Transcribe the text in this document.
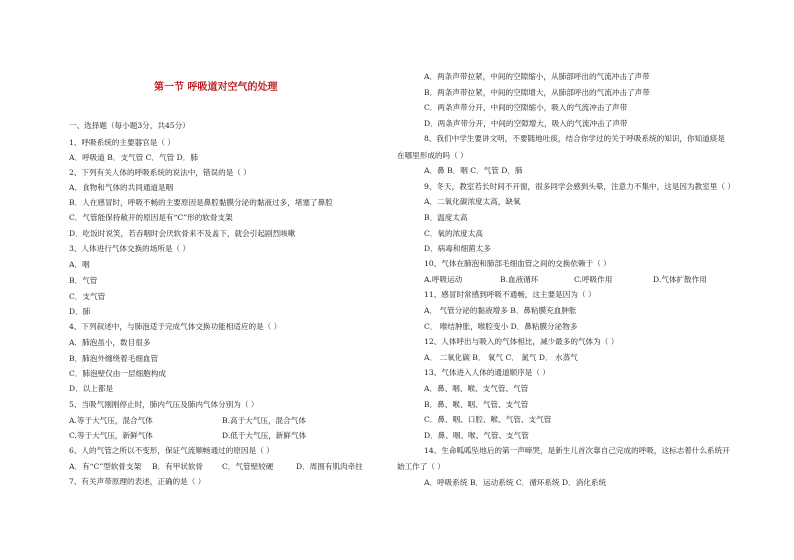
第一节 呼吸道对空气的处理
一、选择题（每小题3分，共45分）
1、呼吸系统的主要器官是（ ）
A．呼吸道 B．支气管 C．气管 D．肺
2、下列有关人体的呼吸系统的说法中，错误的是（ ）
A．食物和气体的共同通道是咽
B．人在感冒时，呼吸不畅的主要原因是鼻腔黏膜分泌的黏液过多，堵塞了鼻腔
C．气管能保持敞开的原因是有“C”形的软骨支架
D．吃饭时说笑，若吞咽时会厌软骨来不及盖下，就会引起剧烈咳嗽
3、人体进行气体交换的场所是（ ）
A．咽
B．气管
C．支气管
D．肺
4、下列叙述中，与肺泡适于完成气体交换功能相适应的是（ ）
A．肺泡虽小，数目很多
B．肺泡外缠绕着毛细血管
C．肺泡壁仅由一层细胞构成
D．以上都是
5、当吸气刚刚停止时，肺内气压及肺内气体分别为（ ）
A.等于大气压，混合气体	B.高于大气压，混合气体
C.等于大气压，新鲜气体	D.低于大气压，新鲜气体
6、人的气管之所以不变形，保证气流顺畅通过的原因是（ ）
A．有“C”型软骨支架 B．有甲状软骨 C．气管壁较硬	D．周围有肌肉牵拄
7、有关声带原理的表述，正确的是（ ）
A．两条声带拉紧，中间的空隙缩小，从肺部呼出的气流冲击了声带
B．两条声带拉紧，中间的空隙增大，从肺部呼出的气流冲击了声带
C．两条声带分开，中间的空隙缩小，吸入的气流冲击了声带
D．两条声带分开，中间的空隙增大，吸入的气流冲击了声带
8、我们中学生要讲文明，不要随地吐痰，结合你学过的关于呼吸系统的知识，你知道痰是
在哪里形成的吗（ ）
A．鼻 B．咽 C．气管 D．肺
9、冬天，教室若长时间不开窗，很多同学会感到头晕，注意力不集中，这是因为教室里（ ）
A．二氧化碳浓度太高，缺氧
B．温度太高
C．氧的浓度太高
D．病毒和细菌太多
10、气体在肺泡和肺部毛细血管之间的交换依赖于（ ）
A.呼吸运动	B.血液循环	C.呼吸作用	D.气体扩散作用
11、感冒时常感到呼吸不通畅，这主要是因为（ ）
A． 气管分泌的黏液增多 B．鼻粘膜充血肿胀
C． 喉结肿胀，喉腔变小 D．鼻粘膜分泌物多
12、人体呼出与吸入的气体相比，减少最多的气体为（ ）
A． 二氧化碳 B． 氧气 C． 氮气 D． 水蒸气
13、气体进入人体的通道顺序是（ ）
A．鼻、咽、喉、支气管、气管
B．鼻、喉、咽、气管、支气管
C．鼻、咽、口腔、喉、气管、支气管
D．鼻、咽、喉、气管、支气管
14、生命呱呱坠地后的第一声啼哭，是新生儿首次靠自己完成的呼吸，这标志着什么系统开
始工作了（ ）
A．呼吸系统 B．运动系统 C．循环系统 D．消化系统
